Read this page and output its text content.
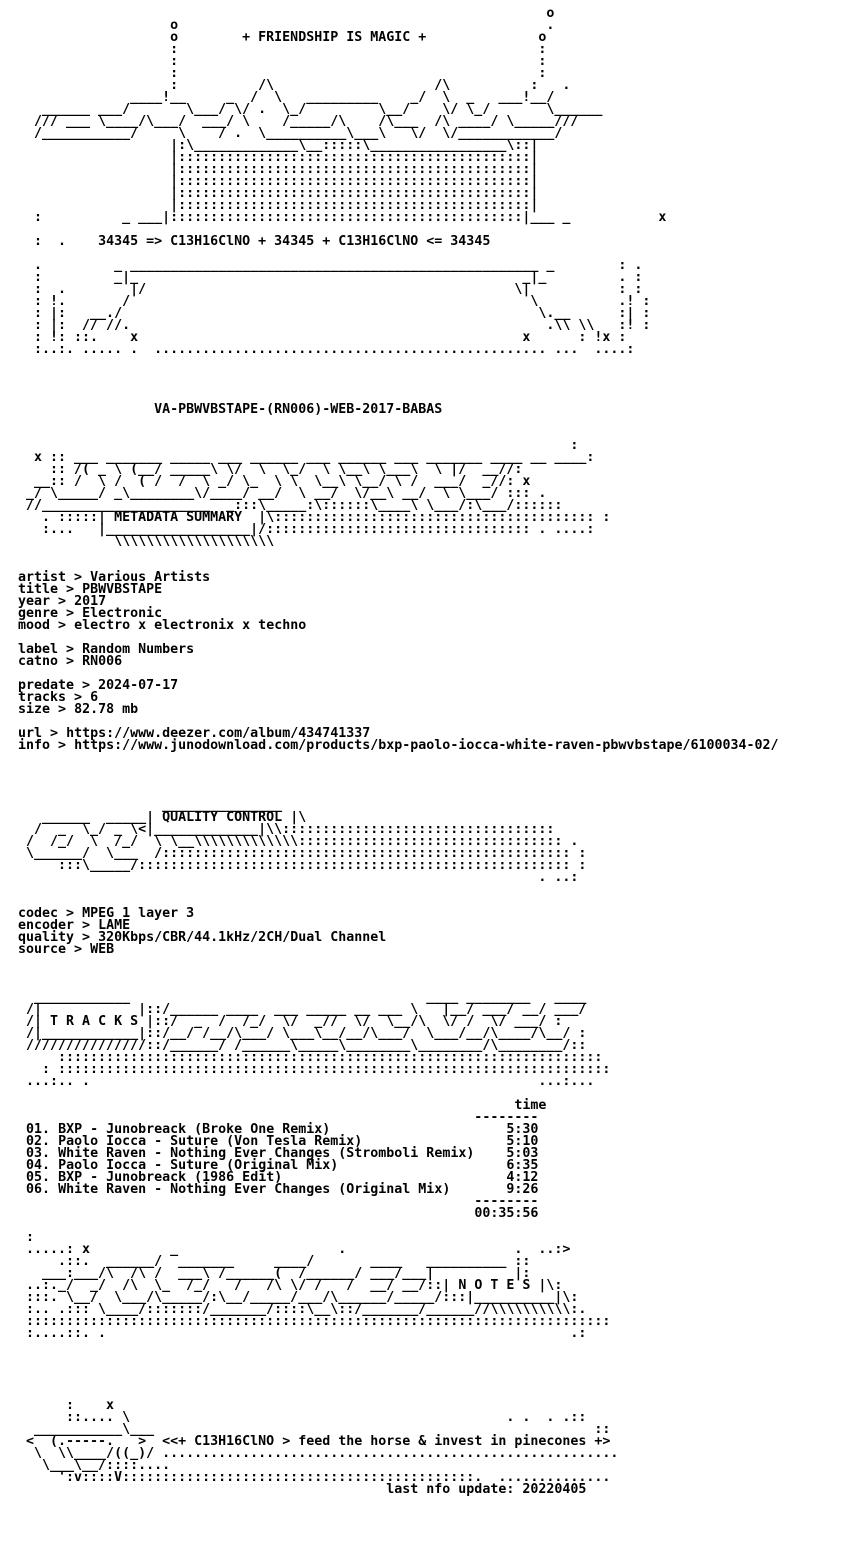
o
o                                              .
o        + FRIENDSHIP IS MAGIC +              o
:                                             :
:                                             :
:                                             :
:          /\                    /\          :   .
____!__     _  /  \   _________    _/  \  _   ___!__/
______ ___/       \___/ \/ .  \_/         \__/    \/ \_/       \______
/// ___ \____/\___/  ___/ \    /_____/\    /\___  /\ ____/ \_____///
/___________/     \    / .  \__________\___\   \/  \/____________/
|:\_____________\__:::::\_________________\::|
|::::::::::::::::::::::::::::::::::::::::::::|
|::::::::::::::::::::::::::::::::::::::::::::|
|::::::::::::::::::::::::::::::::::::::::::::|
|::::::::::::::::::::::::::::::::::::::::::::|
|::::::::::::::::::::::::::::::::::::::::::::|
:          _ ___|::::::::::::::::::::::::::::::::::::::::::::|___ _           x
:  .    34345 => C13H16ClNO + 34345 + C13H16ClNO <= 34345
.         _ ___________________________________________________ _        : .
:         _|_                                                _|_         . :
:  .        |/                                              \|           : :
: !.       /                                                  \          .! :
: |:   __./                                                    \.__      :| :
: |:  // //.                                                    .\\ \\   :! :
: !: ::.    x                                                x      : !x :
:..:. ..... .  ................................................. ...  ....:
VA-PBWVBSTAPE-(RN006)-WEB-2017-BABAS
:
x :: ___ _______ _____ ___ ______ ___ ______ ___ _______ ____ __ ____:
:: /( _ \ (__/ _____\ \/  \  \_/  \ \__\ \___\  \ |/  __//:
__:: /  \ /  ( /  /  \ _/ \_  \ \  \__\ \__/ \ /  ___/  _//: x
_/ \_____/ _\________\/____/ __/  \ __/  \/__\ __/  \ \___/ ::: .
//_____________________  _:::\_____:\::::::\____\ \___/:\___/::::::
. :::::| METADATA SUMMARY  |\:::::::::::::::::::::::::::::::::::::::: :
:...   |__________________|/::::::::::::::::::::::::::::::::: . ....:
\\\\\\\\\\\\\\\\\\\\
artist > Various Artists
title > PBWVBSTAPE
year > 2017
genre > Electronic
mood > electro x electronix x techno
label > Random Numbers
catno > RN006
predate > 2024-07-17
tracks > 6
size > 82.78 mb
url > https://www.deezer.com/album/434741337
info > https://www.junodownload.com/products/bxp-paolo-iocca-white-raven-pbwvbstape/6100034-02/
_______________
______  _____| QUALITY CONTROL |\
/  _  \_/ _ \<|_____________|\\::::::::::::::::::::::::::::::::::
/  /_/  \  /_/  \ \__\\\\\\\\\\\\\::::::::::::::::::::::::::::::::: .
\______/  \___  /::::::::::::::::::::::::::::::::::::::::::::::::::: :
:::\_____/:::::::::::::::::::::::::::::::::::::::::::::::::::::: :
. ..:
codec > MPEG 1 layer 3
encoder > LAME
quality > 320Kbps/CBR/44.1kHz/2CH/Dual Channel
source > WEB
____________                                     ____ ________   ____
/|            |::/______ ____  ___ _____ __ ___ \   |__/ ___/ __/ ___/
/| T R A C K S |::/  _  /  /_/  \/  _//  \/  \__/\  \/ /  \/ ___/ :
/|____________|::/__/ /__/\___/ \___\__/__/\___/  \___/__/\____/\__/ :
///////////////::/______/ /______\_____\________\________/\________/::
::::::::::::::::::::::::::::::::::::::::::::::::::::::::::::::::::::
: :::::::::::::::::::::::::::::::::::::::::::::::::::::::::::::::::::::
...:.. .                                                        ...:...
time
--------
01. BXP - Junobreack (Broke One Remix)	5:30
02. Paolo Iocca - Suture (Von Tesla Remix)	5:10
03. White Raven - Nothing Ever Changes (Stromboli Remix) 5:03
04. Paolo Iocca - Suture (Original Mix)	6:35
05. BXP - Junobreack (1986 Edit)	4:12
06. White Raven - Nothing Ever Changes (Original Mix)	9:26
--------
00:35:56
:
.....: x          _                    .                     .  ..:>
.::.  ______/  _______     ____/       ____   __________ ::
___:___/\  /\ /  ___\ /______(  /______/ ___/___|          |:
..:._/  _/  /\  \_  /_/   /   /\ \/ /   /  __/ __/::| N O T E S |\:
:::. \__/  \___/\_____/:\__/_____/___/\______/_____/:::|__________|\:
:.. .::: \____/:::::::/_______/::::\__\::/_______/______//\\\\\\\\\\:.
:::::::::::::::::::::::::::::::::::::::::::::::::::::::::::::::::::::::::
:....::. .                                                          .:
:    x
::.... \                                               . .  . .::
___________\___                                                       ::
<  (.-----.   >  <<+ C13H16ClNO > feed the horse & invest in pinecones +>
\  \\____/((_)/ .........................................................
\___\__/::::....
':v::::V::::::::::::::::::::::::::::::::::::::::::::.  ..............
last nfo update: 20220405
